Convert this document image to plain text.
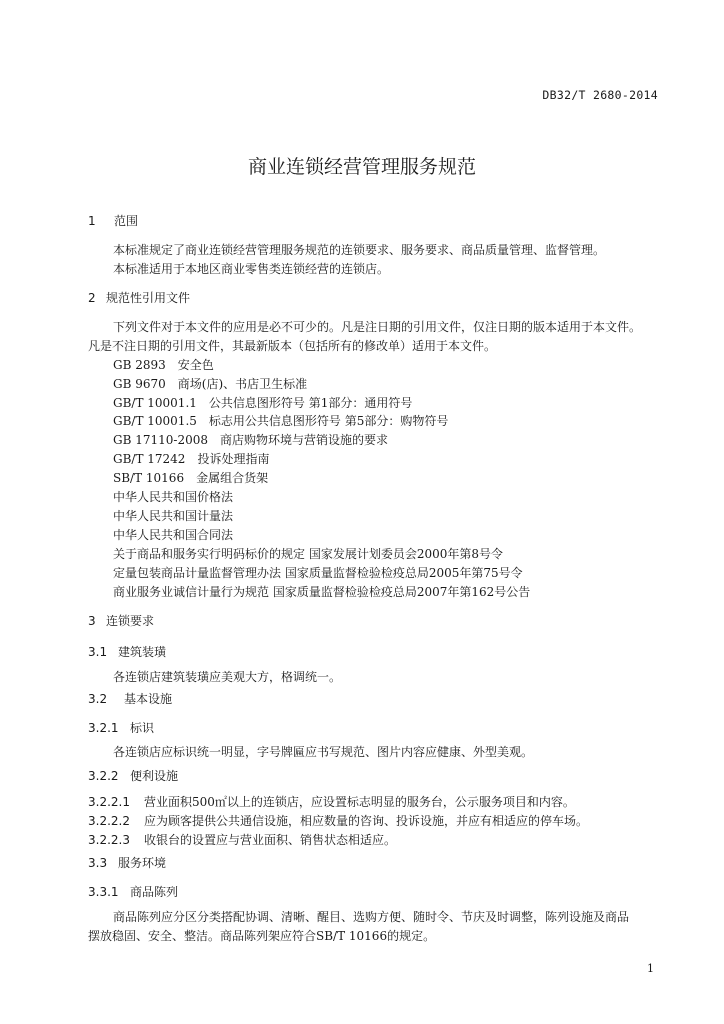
DB32/T 2680-2014
商业连锁经营管理服务规范
1 范围
本标准规定了商业连锁经营管理服务规范的连锁要求、服务要求、商品质量管理、监督管理。
本标准适用于本地区商业零售类连锁经营的连锁店。
2 规范性引用文件
下列文件对于本文件的应用是必不可少的。凡是注日期的引用文件，仅注日期的版本适用于本文件。
凡是不注日期的引用文件，其最新版本（包括所有的修改单）适用于本文件。
GB 2893　安全色
GB 9670　商场(店)、书店卫生标准
GB/T 10001.1　公共信息图形符号 第1部分：通用符号
GB/T 10001.5　标志用公共信息图形符号 第5部分：购物符号
GB 17110-2008　商店购物环境与营销设施的要求
GB/T 17242　投诉处理指南
SB/T 10166　金属组合货架
中华人民共和国价格法
中华人民共和国计量法
中华人民共和国合同法
关于商品和服务实行明码标价的规定 国家发展计划委员会2000年第8号令
定量包装商品计量监督管理办法 国家质量监督检验检疫总局2005年第75号令
商业服务业诚信计量行为规范 国家质量监督检验检疫总局2007年第162号公告
3 连锁要求
3.1 建筑装璜
各连锁店建筑装璜应美观大方，格调统一。
3.2 基本设施
3.2.1 标识
各连锁店应标识统一明显，字号牌匾应书写规范、图片内容应健康、外型美观。
3.2.2 便利设施
3.2.2.1 营业面积500㎡以上的连锁店，应设置标志明显的服务台，公示服务项目和内容。
3.2.2.2 应为顾客提供公共通信设施，相应数量的咨询、投诉设施，并应有相适应的停车场。
3.2.2.3 收银台的设置应与营业面积、销售状态相适应。
3.3 服务环境
3.3.1 商品陈列
商品陈列应分区分类搭配协调、清晰、醒目、选购方便、随时令、节庆及时调整，陈列设施及商品
摆放稳固、安全、整洁。商品陈列架应符合SB/T 10166的规定。
1
